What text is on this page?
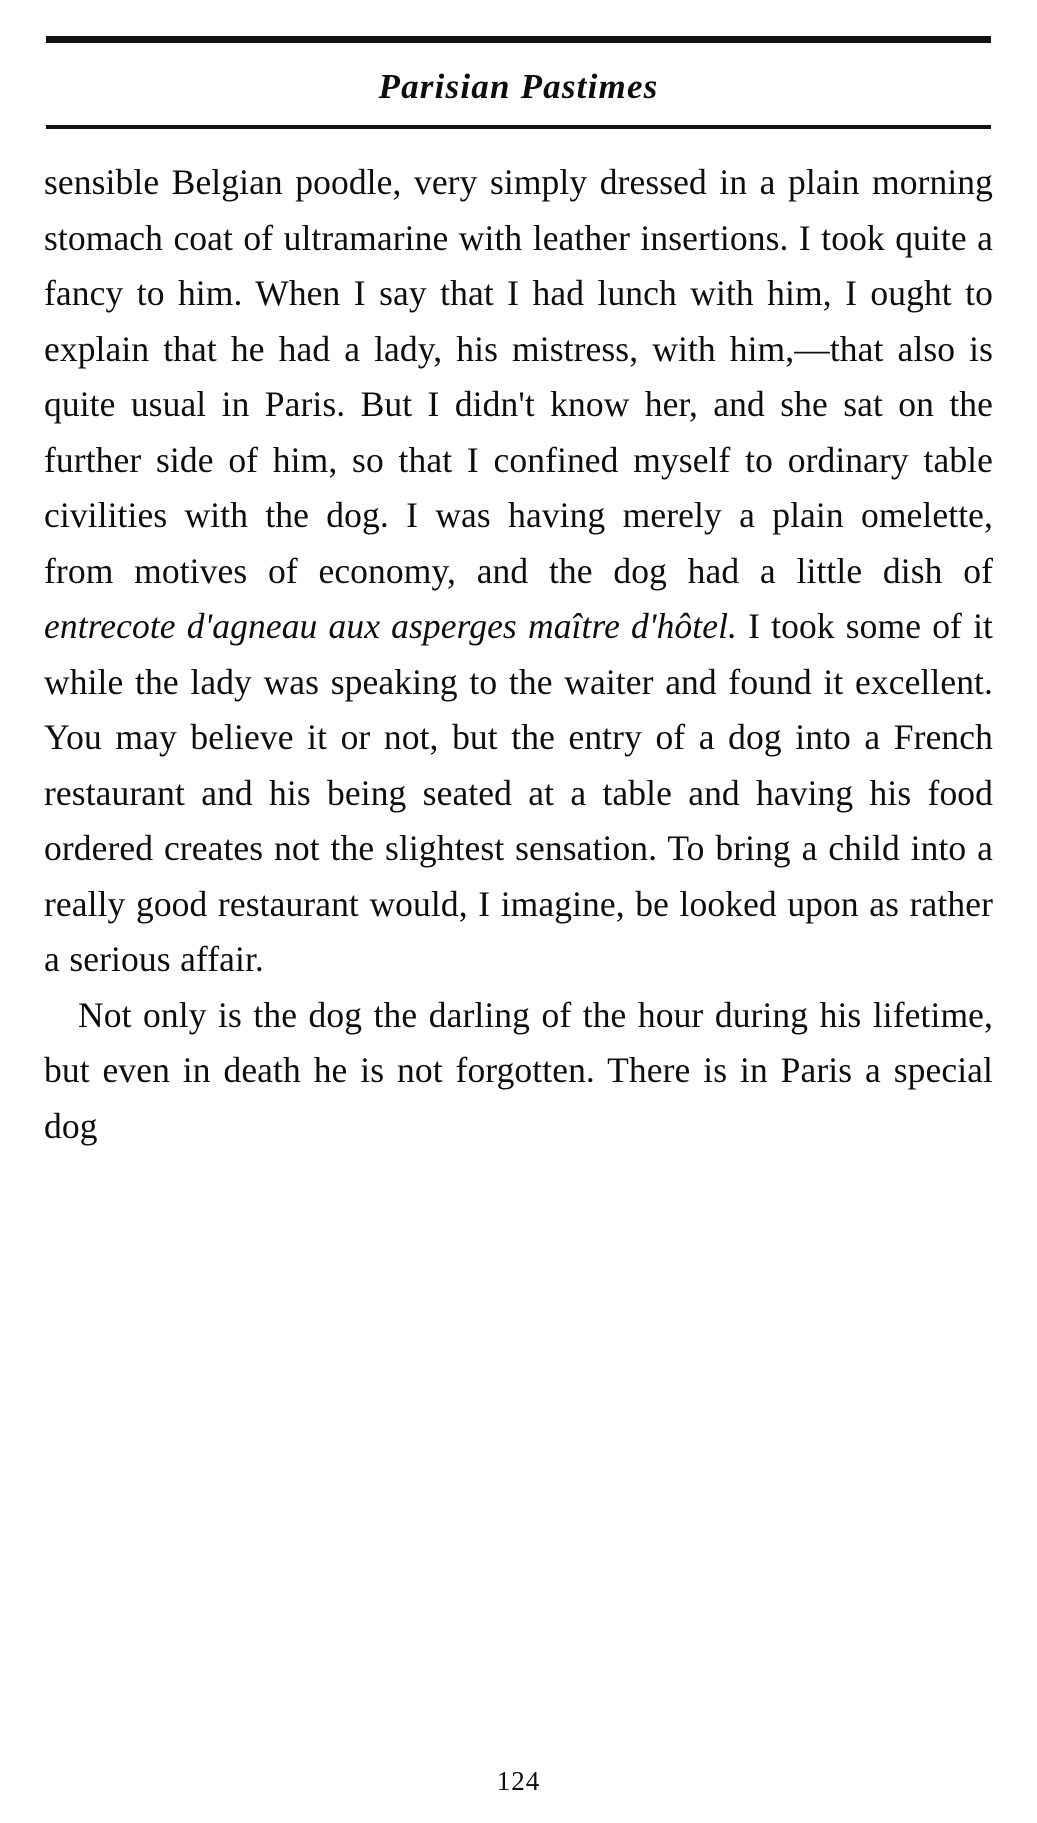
Parisian Pastimes

sensible Belgian poodle, very simply dressed in a plain morning stomach coat of ultramarine with leather insertions. I took quite a fancy to him. When I say that I had lunch with him, I ought to explain that he had a lady, his mistress, with him,—that also is quite usual in Paris. But I didn't know her, and she sat on the further side of him, so that I confined myself to ordinary table civilities with the dog. I was having merely a plain omelette, from motives of economy, and the dog had a little dish of entrecote d'agneau aux asperges maître d'hôtel. I took some of it while the lady was speaking to the waiter and found it excellent. You may believe it or not, but the entry of a dog into a French restaurant and his being seated at a table and having his food ordered creates not the slightest sensation. To bring a child into a really good restaurant would, I imagine, be looked upon as rather a serious affair.

Not only is the dog the darling of the hour during his lifetime, but even in death he is not forgotten. There is in Paris a special dog

124
